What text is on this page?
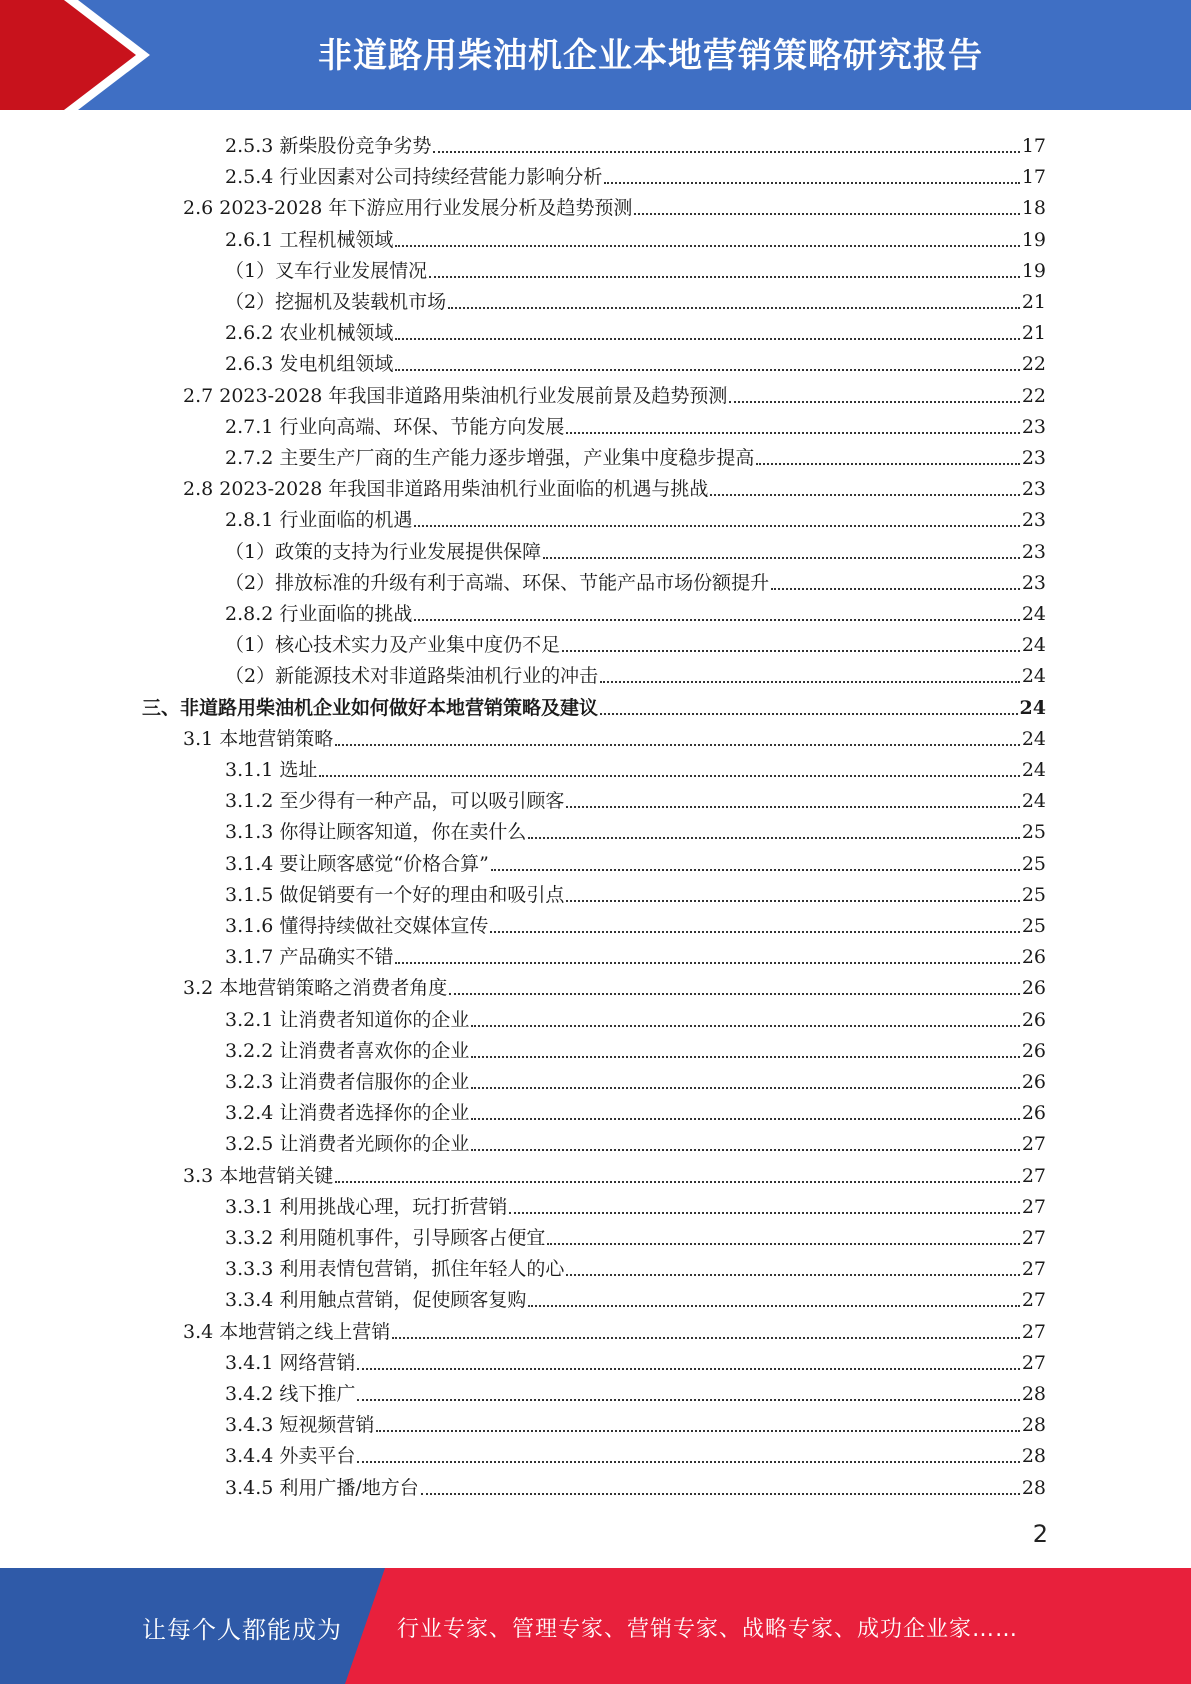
非道路用柴油机企业本地营销策略研究报告
2.5.3 新柴股份竞争劣势	17
2.5.4 行业因素对公司持续经营能力影响分析	17
2.6 2023-2028 年下游应用行业发展分析及趋势预测	18
2.6.1 工程机械领域	19
（1）叉车行业发展情况	19
（2）挖掘机及装载机市场	21
2.6.2 农业机械领域	21
2.6.3 发电机组领域	22
2.7 2023-2028 年我国非道路用柴油机行业发展前景及趋势预测	22
2.7.1 行业向高端、环保、节能方向发展	23
2.7.2 主要生产厂商的生产能力逐步增强，产业集中度稳步提高	23
2.8 2023-2028 年我国非道路用柴油机行业面临的机遇与挑战	23
2.8.1 行业面临的机遇	23
（1）政策的支持为行业发展提供保障	23
（2）排放标准的升级有利于高端、环保、节能产品市场份额提升	23
2.8.2 行业面临的挑战	24
（1）核心技术实力及产业集中度仍不足	24
（2）新能源技术对非道路柴油机行业的冲击	24
三、非道路用柴油机企业如何做好本地营销策略及建议	24
3.1 本地营销策略	24
3.1.1 选址	24
3.1.2 至少得有一种产品，可以吸引顾客	24
3.1.3 你得让顾客知道，你在卖什么	25
3.1.4 要让顾客感觉“价格合算”	25
3.1.5 做促销要有一个好的理由和吸引点	25
3.1.6 懂得持续做社交媒体宣传	25
3.1.7 产品确实不错	26
3.2 本地营销策略之消费者角度	26
3.2.1 让消费者知道你的企业	26
3.2.2 让消费者喜欢你的企业	26
3.2.3 让消费者信服你的企业	26
3.2.4 让消费者选择你的企业	26
3.2.5 让消费者光顾你的企业	27
3.3 本地营销关键	27
3.3.1 利用挑战心理，玩打折营销	27
3.3.2 利用随机事件，引导顾客占便宜	27
3.3.3 利用表情包营销，抓住年轻人的心	27
3.3.4 利用触点营销，促使顾客复购	27
3.4 本地营销之线上营销	27
3.4.1 网络营销	27
3.4.2 线下推广	28
3.4.3 短视频营销	28
3.4.4 外卖平台	28
3.4.5 利用广播/地方台	28
2
让每个人都能成为	行业专家、管理专家、营销专家、战略专家、成功企业家……
